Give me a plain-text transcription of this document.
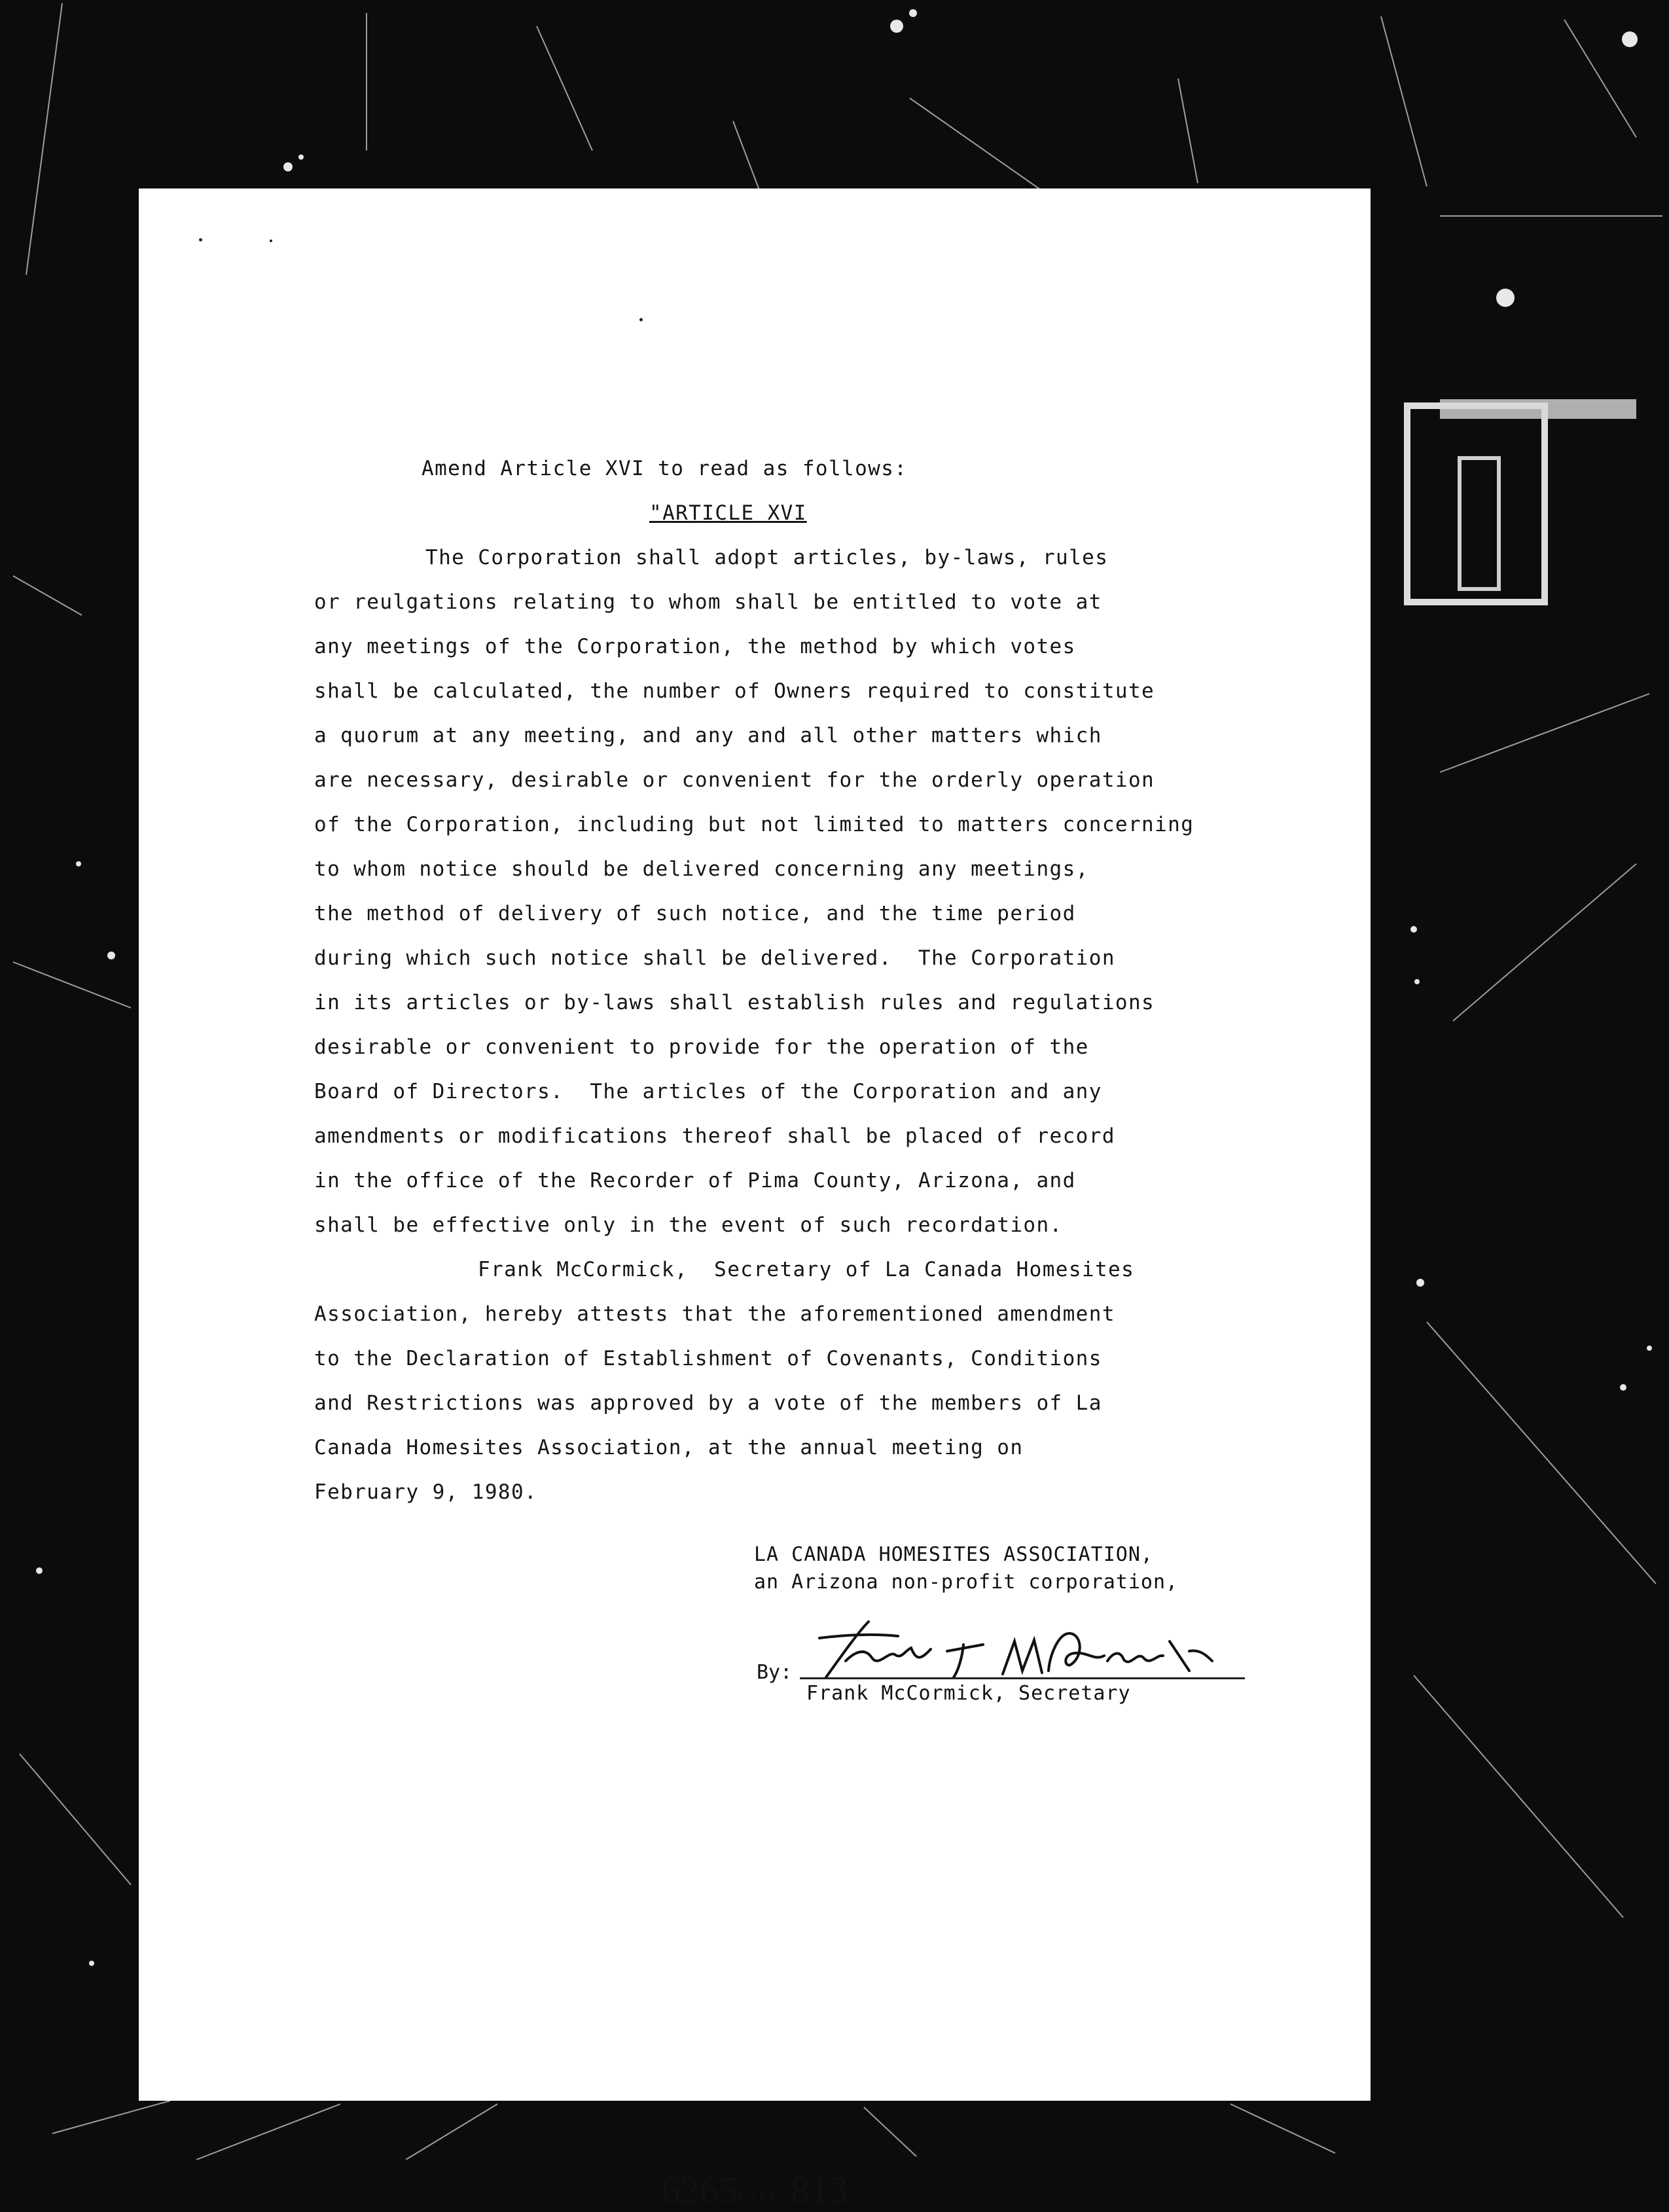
Amend Article XVI to read as follows:
"ARTICLE XVI
The Corporation shall adopt articles, by-laws, rules
or reulgations relating to whom shall be entitled to vote at
any meetings of the Corporation, the method by which votes
shall be calculated, the number of Owners required to constitute
a quorum at any meeting, and any and all other matters which
are necessary, desirable or convenient for the orderly operation
of the Corporation, including but not limited to matters concerning
to whom notice should be delivered concerning any meetings,
the method of delivery of such notice, and the time period
during which such notice shall be delivered.  The Corporation
in its articles or by-laws shall establish rules and regulations
desirable or convenient to provide for the operation of the
Board of Directors.  The articles of the Corporation and any
amendments or modifications thereof shall be placed of record
in the office of the Recorder of Pima County, Arizona, and
shall be effective only in the event of such recordation.
Frank McCormick,  Secretary of La Canada Homesites
Association, hereby attests that the aforementioned amendment
to the Declaration of Establishment of Covenants, Conditions
and Restrictions was approved by a vote of the members of La
Canada Homesites Association, at the annual meeting on
February 9, 1980.
LA CANADA HOMESITES ASSOCIATION,
an Arizona non-profit corporation,
By:
Frank McCormick, Secretary
6265FALE 813
